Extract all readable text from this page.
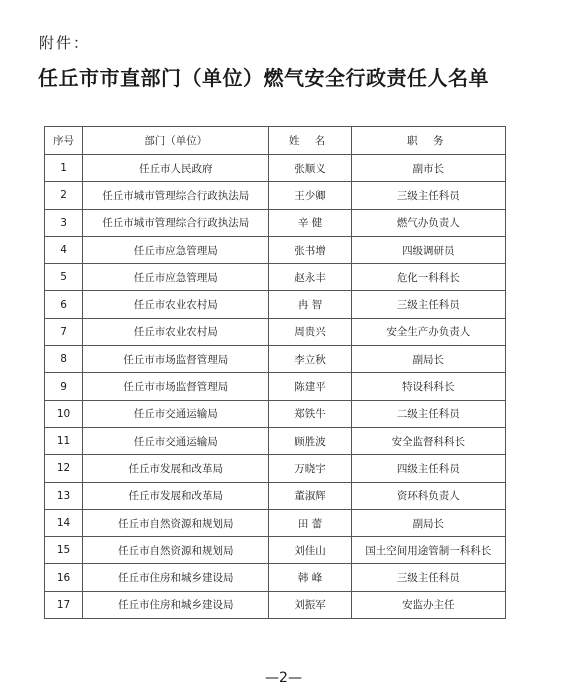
附件：
任丘市市直部门（单位）燃气安全行政责任人名单
序号	部门（单位）	姓 名	职 务
1	任丘市人民政府	张顺义	副市长
2	任丘市城市管理综合行政执法局	王少卿	三级主任科员
3	任丘市城市管理综合行政执法局	辛 健	燃气办负责人
4	任丘市应急管理局	张书增	四级调研员
5	任丘市应急管理局	赵永丰	危化一科科长
6	任丘市农业农村局	冉 智	三级主任科员
7	任丘市农业农村局	周贵兴	安全生产办负责人
8	任丘市市场监督管理局	李立秋	副局长
9	任丘市市场监督管理局	陈建平	特设科科长
10	任丘市交通运输局	郑铁牛	二级主任科员
11	任丘市交通运输局	顾胜波	安全监督科科长
12	任丘市发展和改革局	万晓宇	四级主任科员
13	任丘市发展和改革局	董淑辉	资环科负责人
14	任丘市自然资源和规划局	田 蕾	副局长
15	任丘市自然资源和规划局	刘佳山	国土空间用途管制一科科长
16	任丘市住房和城乡建设局	韩 峰	三级主任科员
17	任丘市住房和城乡建设局	刘振军	安监办主任
—2—
